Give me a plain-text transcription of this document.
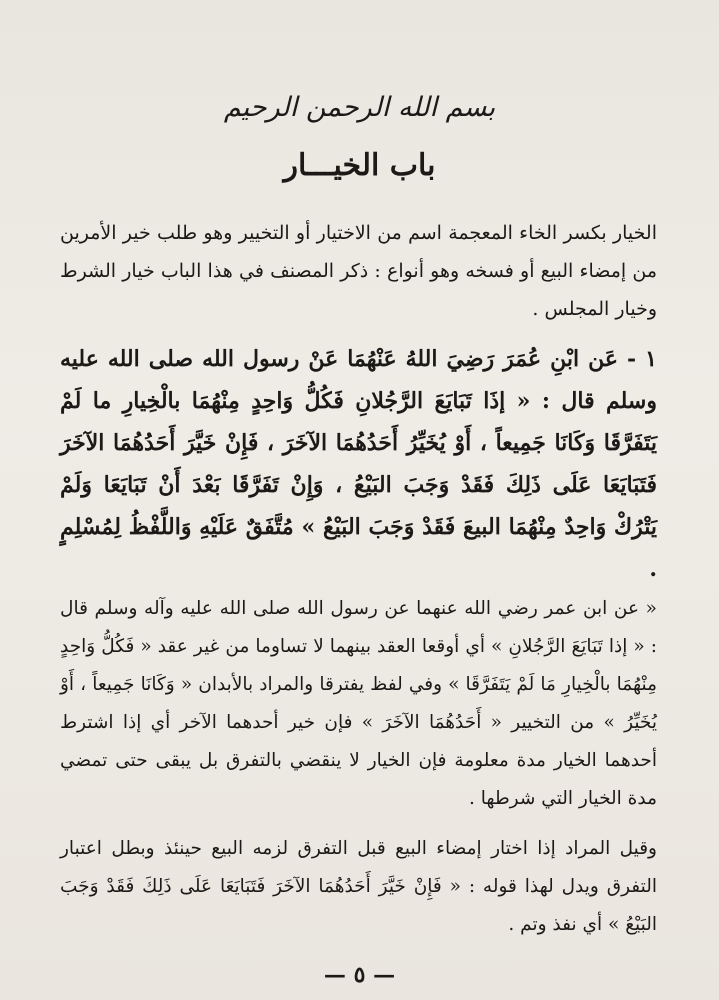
بسم الله الرحمن الرحيم
باب الخيـــار

الخيار بكسر الخاء المعجمة اسم من الاختيار أو التخيير وهو طلب خير الأمرين من إمضاء البيع أو فسخه وهو أنواع : ذكر المصنف في هذا الباب خيار الشرط وخيار المجلس .

١ - عَن ابْنِ عُمَرَ رَضِيَ اللهُ عَنْهُمَا عَنْ رسول الله صلى الله عليه وسلم قال : « إذَا تَبَايَعَ الرَّجُلانِ فَكُلُّ وَاحِدٍ مِنْهُمَا بالْخِيارِ ما لَمْ يَتَفَرَّقَا وَكَانَا جَمِيعاً ، أَوْ يُخَيِّرُ أَحَدُهُمَا الآخَرَ ، فَإِنْ خَيَّرَ أَحَدُهُمَا الآخَرَ فَتَبَايَعَا عَلَى ذَلِكَ فَقَدْ وَجَبَ البَيْعُ ، وَإِنْ تَفَرَّقَا بَعْدَ أَنْ تَبَايَعَا وَلَمْ يَتْرُكْ وَاحِدٌ مِنْهُمَا البيعَ فَقَدْ وَجَبَ البَيْعُ » مُتَّفَقٌ عَلَيْهِ وَاللَّفْظُ لِمُسْلِمٍ .

« عن ابن عمر رضي الله عنهما عن رسول الله صلى الله عليه وآله وسلم قال : « إذا تَبَايَعَ الرَّجُلانِ » أي أوقعا العقد بينهما لا تساوما من غير عقد « فَكُلُّ وَاحِدٍ مِنْهُمَا بالْخِيارِ مَا لَمْ يَتَفَرَّقَا » وفي لفظ يفترقا والمراد بالأبدان « وَكَانَا جَمِيعاً ، أَوْ يُخَيِّرُ » من التخيير « أَحَدُهُمَا الآخَرَ » فإن خير أحدهما الآخر أي إذا اشترط أحدهما الخيار مدة معلومة فإن الخيار لا ينقضي بالتفرق بل يبقى حتى تمضي مدة الخيار التي شرطها .

وقيل المراد إذا اختار إمضاء البيع قبل التفرق لزمه البيع حينئذ وبطل اعتبار التفرق ويدل لهذا قوله : « فَإِنْ خَيَّرَ أَحَدُهُمَا الآخَرَ فَتَبَايَعَا عَلَى ذَلِكَ فَقَدْ وَجَبَ البَيْعُ » أي نفذ وتم .

— ٥ —
